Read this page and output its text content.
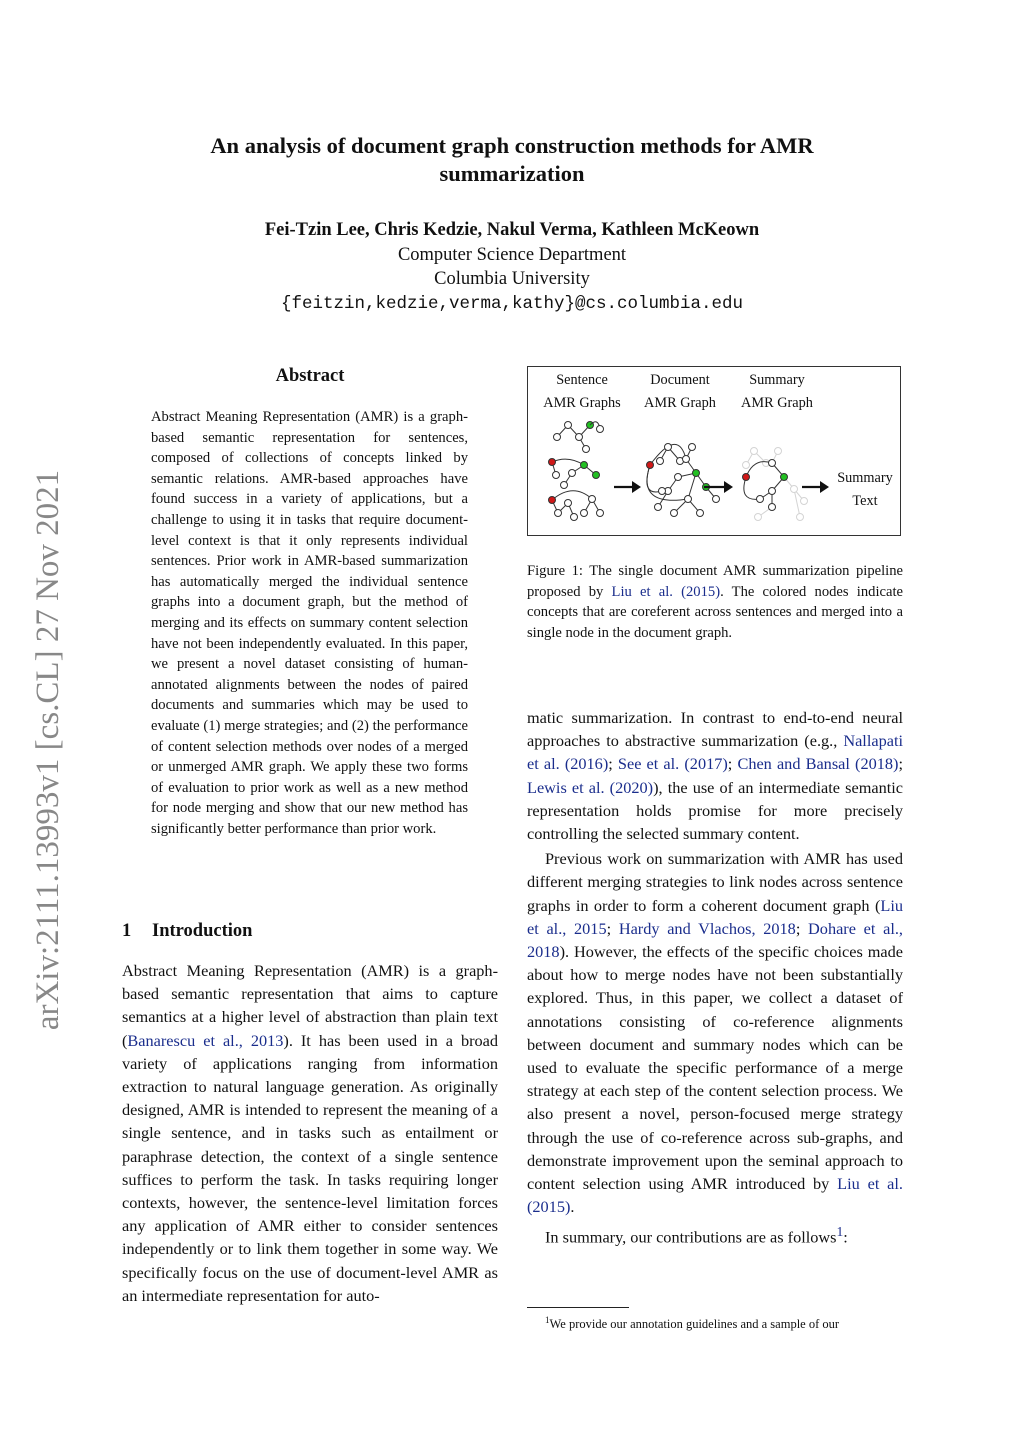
An analysis of document graph construction methods for AMR
summarization
Fei-Tzin Lee, Chris Kedzie, Nakul Verma, Kathleen McKeown
Computer Science Department
Columbia University
{feitzin,kedzie,verma,kathy}@cs.columbia.edu
arXiv:2111.13993v1 [cs.CL] 27 Nov 2021
Abstract
Abstract Meaning Representation (AMR) is a graph-based semantic representation for sentences, composed of collections of concepts linked by semantic relations. AMR-based approaches have found success in a variety of applications, but a challenge to using it in tasks that require document-level context is that it only represents individual sentences. Prior work in AMR-based summarization has automatically merged the individual sentence graphs into a document graph, but the method of merging and its effects on summary content selection have not been independently evaluated. In this paper, we present a novel dataset consisting of human-annotated alignments between the nodes of paired documents and summaries which may be used to evaluate (1) merge strategies; and (2) the performance of content selection methods over nodes of a merged or unmerged AMR graph. We apply these two forms of evaluation to prior work as well as a new method for node merging and show that our new method has significantly better performance than prior work.
1 Introduction
Abstract Meaning Representation (AMR) is a graph-based semantic representation that aims to capture semantics at a higher level of abstraction than plain text (Banarescu et al., 2013). It has been used in a broad variety of applications ranging from information extraction to natural language generation. As originally designed, AMR is intended to represent the meaning of a single sentence, and in tasks such as entailment or paraphrase detection, the context of a single sentence suffices to perform the task. In tasks requiring longer contexts, however, the sentence-level limitation forces any application of AMR either to consider sentences independently or to link them together in some way. We specifically focus on the use of document-level AMR as an intermediate representation for auto-
Sentence
AMR Graphs
Document
AMR Graph
Summary
AMR Graph
Summary
Text
Figure 1: The single document AMR summarization pipeline proposed by Liu et al. (2015). The colored nodes indicate concepts that are coreferent across sentences and merged into a single node in the document graph.

matic summarization. In contrast to end-to-end neural approaches to abstractive summarization (e.g., Nallapati et al. (2016); See et al. (2017); Chen and Bansal (2018); Lewis et al. (2020)), the use of an intermediate semantic representation holds promise for more precisely controlling the selected summary content.

Previous work on summarization with AMR has used different merging strategies to link nodes across sentence graphs in order to form a coherent document graph (Liu et al., 2015; Hardy and Vlachos, 2018; Dohare et al., 2018). However, the effects of the specific choices made about how to merge nodes have not been substantially explored. Thus, in this paper, we collect a dataset of annotations consisting of co-reference alignments between document and summary nodes which can be used to evaluate the specific performance of a merge strategy at each step of the content selection process. We also present a novel, person-focused merge strategy through the use of co-reference across sub-graphs, and demonstrate improvement upon the seminal approach to content selection using AMR introduced by Liu et al. (2015).

In summary, our contributions are as follows$^1$:

$^1$We provide our annotation guidelines and a sample of our
